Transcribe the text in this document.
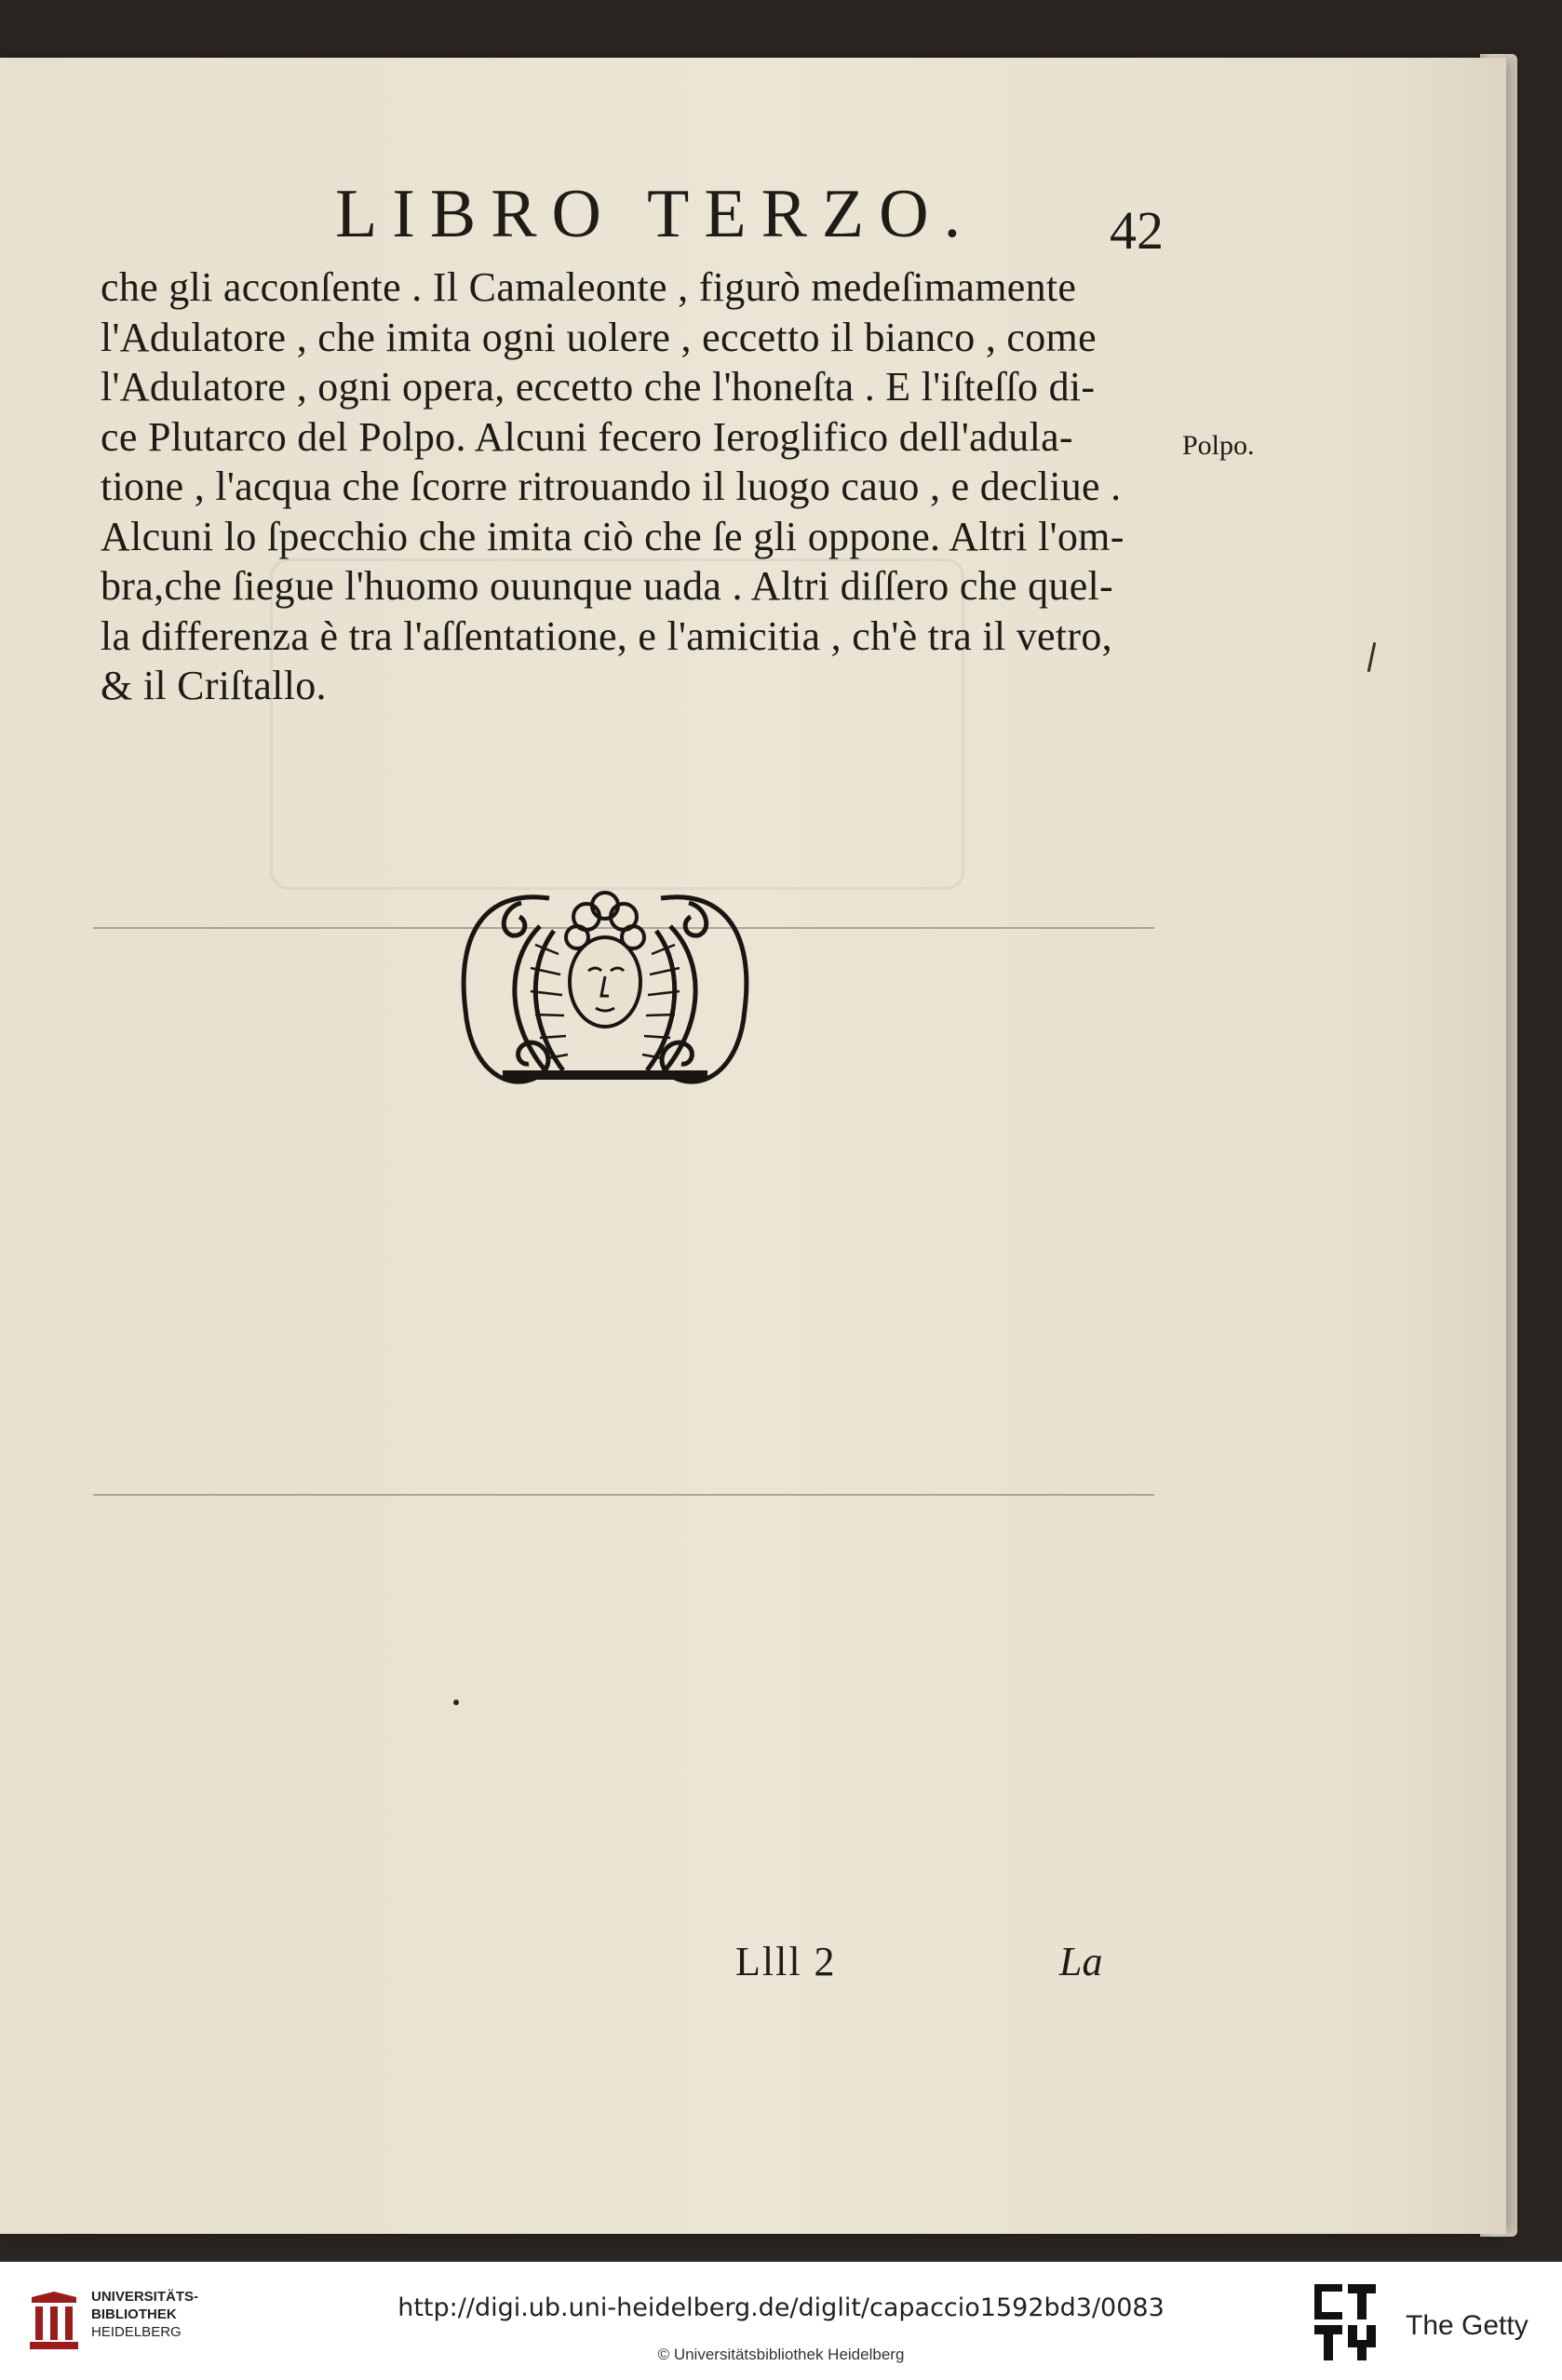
LIBRO TERZO. 42
che gli acconſente . Il Camaleonte , figurò medeſimamente
l'Adulatore , che imita ogni uolere , eccetto il bianco , come
l'Adulatore , ogni opera, eccetto che l'honeſta . E l'iſteſſo di-
ce Plutarco del Polpo. Alcuni fecero Ieroglifico dell'adula-
tione , l'acqua che ſcorre ritrouando il luogo cauo , e decliue .
Alcuni lo ſpecchio che imita ciò che ſe gli oppone. Altri l'om-
bra,che ſiegue l'huomo ouunque uada . Altri diſſero che quel-
la differenza è tra l'aſſentatione, e l'amicitia , ch'è tra il vetro,
& il Criſtallo.
Polpo.
Llll 2	La
UNIVERSITÄTS-
BIBLIOTHEK
HEIDELBERG
http://digi.ub.uni-heidelberg.de/diglit/capaccio1592bd3/0083
© Universitätsbibliothek Heidelberg
The Getty
